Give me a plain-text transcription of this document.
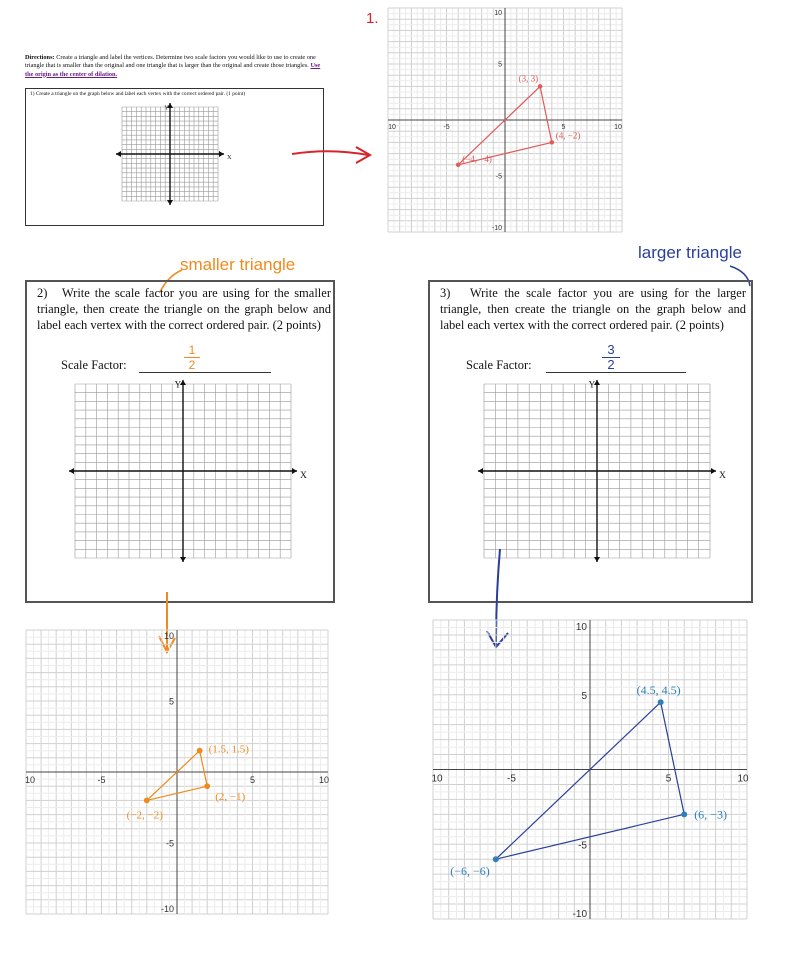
Directions: Create a triangle and label the vertices. Determine two scale factors you would like to use to create one triangle that is smaller than the original and one triangle that is larger than the original and create those triangles. Use the origin as the center of dilation.
1) Create a triangle on the graph below and label each vertex with the correct ordered pair. (1 point)
X
Y
1.
10	-5	5	10
10
5
-5
-10
(3, 3)
(4, −2)
(−4, −4)
smaller triangle
larger triangle
2) Write the scale factor you are using for the smaller triangle, then create the triangle on the graph below and label each vertex with the correct ordered pair. (2 points)
Scale Factor:
1
2
X
Y
3) Write the scale factor you are using for the larger triangle, then create the triangle on the graph below and label each vertex with the correct ordered pair. (2 points)
Scale Factor:
3
2
X
Y
10	-5	5	10
10
5
-5
-10
(1.5, 1.5)
(2, −1)
(−2, −2)
10	-5	5	10
10
5
-5
-10
(4.5, 4.5)
(6, −3)
(−6, −6)
